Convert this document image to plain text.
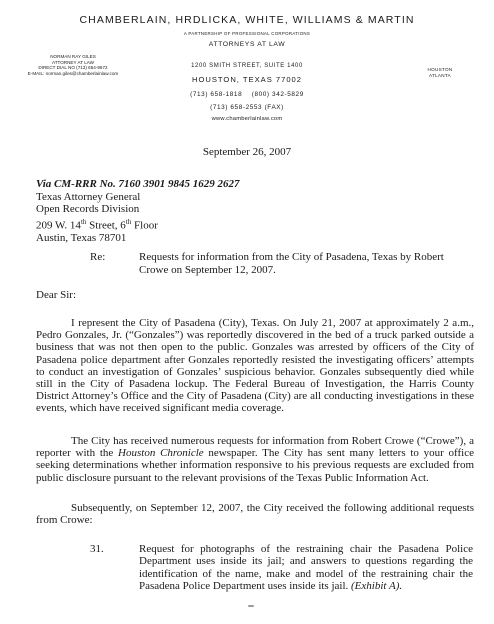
CHAMBERLAIN, HRDLICKA, WHITE, WILLIAMS & MARTIN
A PARTNERSHIP OF PROFESSIONAL CORPORATIONS
ATTORNEYS AT LAW
1200 SMITH STREET, SUITE 1400
HOUSTON, TEXAS 77002
(713) 658-1818    (800) 342-5829
(713) 658-2553 (FAX)
www.chamberlainlaw.com
NORMAN RAY GILES
ATTORNEY AT LAW
DIRECT DIAL NO (713) 654-9672
E-MAIL: norman.giles@chamberlainlaw.com
HOUSTON
ATLANTA
September 26, 2007
Via CM-RRR No. 7160 3901 9845 1629 2627
Texas Attorney General
Open Records Division
209 W. 14th Street, 6th Floor
Austin, Texas 78701
Re:	Requests for information from the City of Pasadena, Texas by Robert Crowe on September 12, 2007.
Dear Sir:
I represent the City of Pasadena (City), Texas. On July 21, 2007 at approximately 2 a.m., Pedro Gonzales, Jr. (“Gonzales”) was reportedly discovered in the bed of a truck parked outside a business that was not then open to the public. Gonzales was arrested by officers of the City of Pasadena police department after Gonzales reportedly resisted the investigating officers’ attempts to conduct an investigation of Gonzales’ suspicious behavior. Gonzales subsequently died while still in the City of Pasadena lockup. The Federal Bureau of Investigation, the Harris County District Attorney’s Office and the City of Pasadena (City) are all conducting investigations in these events, which have received significant media coverage.
The City has received numerous requests for information from Robert Crowe (“Crowe”), a reporter with the Houston Chronicle newspaper. The City has sent many letters to your office seeking determinations whether information responsive to his previous requests are excluded from public disclosure pursuant to the relevant provisions of the Texas Public Information Act.
Subsequently, on September 12, 2007, the City received the following additional requests from Crowe:
31.	Request for photographs of the restraining chair the Pasadena Police Department uses inside its jail; and answers to questions regarding the identification of the name, make and model of the restraining chair the Pasadena Police Department uses inside its jail. (Exhibit A).
